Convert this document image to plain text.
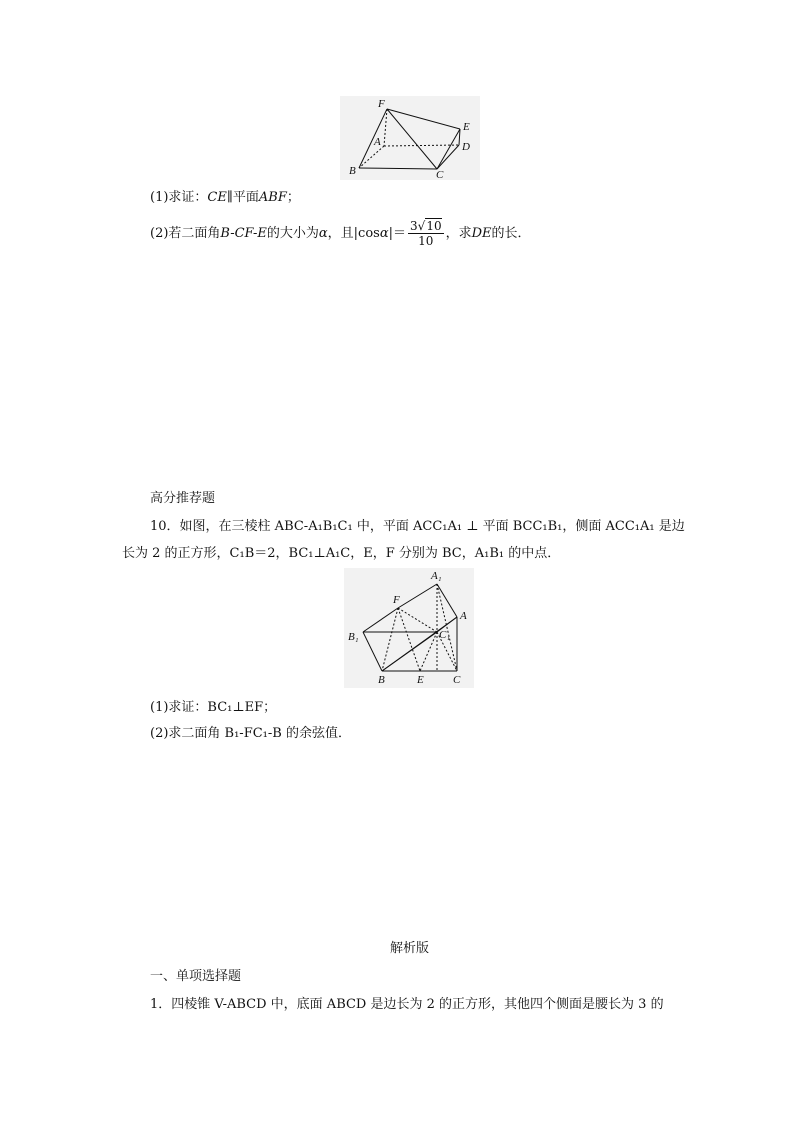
F
E
A	D
B	C
(1)求证：CE∥平面ABF；
(2)若二面角B-CF-E的大小为α，且$|\cos\alpha|= \frac{3√10}{10}$ ，求DE的长．
高分推荐题
10．如图，在三棱柱 ABC-A₁B₁C₁ 中，平面 ACC₁A₁ ⊥ 平面 BCC₁B₁，侧面 ACC₁A₁ 是边
长为 2 的正方形，C₁B＝2，BC₁⊥A₁C，E，F 分别为 BC，A₁B₁ 的中点．
A₁
F
A
B₁	C₁
B	E	C
(1)求证：BC₁⊥EF；
(2)求二面角 B₁-FC₁-B 的余弦值．
解析版
一、单项选择题
1．四棱锥 V-ABCD 中，底面 ABCD 是边长为 2 的正方形，其他四个侧面是腰长为 3 的
